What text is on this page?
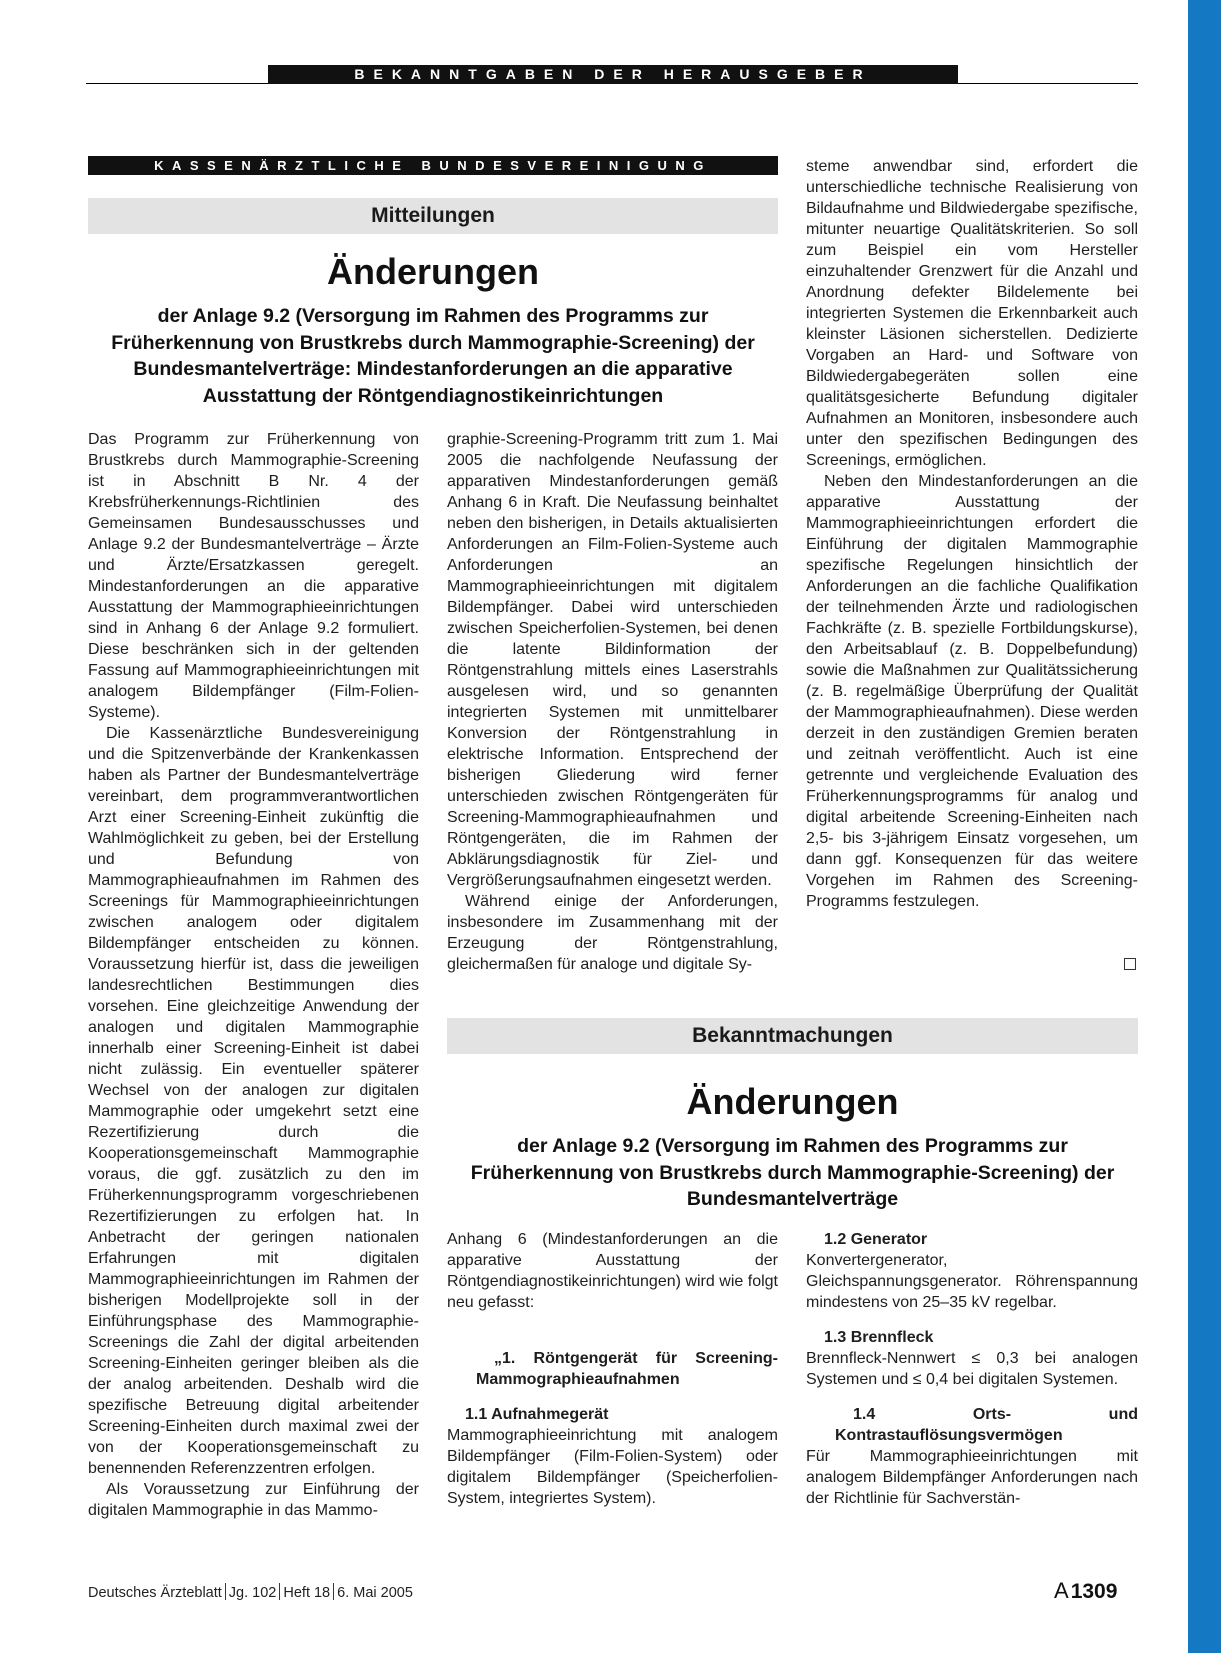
BEKANNTGABEN DER HERAUSGEBER
KASSENÄRZTLICHE BUNDESVEREINIGUNG
Mitteilungen
Änderungen
der Anlage 9.2 (Versorgung im Rahmen des Programms zur Früherkennung von Brustkrebs durch Mammographie-Screening) der Bundesmantelverträge: Mindestanforderungen an die apparative Ausstattung der Röntgendiagnostikeinrichtungen

Das Programm zur Früherkennung von Brustkrebs durch Mammographie-Screening ist in Abschnitt B Nr. 4 der Krebsfrüherkennungs-Richtlinien des Gemeinsamen Bundesausschusses und Anlage 9.2 der Bundesmantelverträge – Ärzte und Ärzte/Ersatzkassen geregelt. Mindestanforderungen an die apparative Ausstattung der Mammographieeinrichtungen sind in Anhang 6 der Anlage 9.2 formuliert. Diese beschränken sich in der geltenden Fassung auf Mammographieeinrichtungen mit analogem Bildempfänger (Film-Folien-Systeme).

Die Kassenärztliche Bundesvereinigung und die Spitzenverbände der Krankenkassen haben als Partner der Bundesmantelverträge vereinbart, dem programmverantwortlichen Arzt einer Screening-Einheit zukünftig die Wahlmöglichkeit zu geben, bei der Erstellung und Befundung von Mammographieaufnahmen im Rahmen des Screenings für Mammographieeinrichtungen zwischen analogem oder digitalem Bildempfänger entscheiden zu können. Voraussetzung hierfür ist, dass die jeweiligen landesrechtlichen Bestimmungen dies vorsehen. Eine gleichzeitige Anwendung der analogen und digitalen Mammographie innerhalb einer Screening-Einheit ist dabei nicht zulässig. Ein eventueller späterer Wechsel von der analogen zur digitalen Mammographie oder umgekehrt setzt eine Rezertifizierung durch die Kooperationsgemeinschaft Mammographie voraus, die ggf. zusätzlich zu den im Früherkennungsprogramm vorgeschriebenen Rezertifizierungen zu erfolgen hat. In Anbetracht der geringen nationalen Erfahrungen mit digitalen Mammographieeinrichtungen im Rahmen der bisherigen Modellprojekte soll in der Einführungsphase des Mammographie-Screenings die Zahl der digital arbeitenden Screening-Einheiten geringer bleiben als die der analog arbeitenden. Deshalb wird die spezifische Betreuung digital arbeitender Screening-Einheiten durch maximal zwei der von der Kooperationsgemeinschaft zu benennenden Referenzzentren erfolgen.

Als Voraussetzung zur Einführung der digitalen Mammographie in das Mammo-

graphie-Screening-Programm tritt zum 1. Mai 2005 die nachfolgende Neufassung der apparativen Mindestanforderungen gemäß Anhang 6 in Kraft. Die Neufassung beinhaltet neben den bisherigen, in Details aktualisierten Anforderungen an Film-Folien-Systeme auch Anforderungen an Mammographieeinrichtungen mit digitalem Bildempfänger. Dabei wird unterschieden zwischen Speicherfolien-Systemen, bei denen die latente Bildinformation der Röntgenstrahlung mittels eines Laserstrahls ausgelesen wird, und so genannten integrierten Systemen mit unmittelbarer Konversion der Röntgenstrahlung in elektrische Information. Entsprechend der bisherigen Gliederung wird ferner unterschieden zwischen Röntgengeräten für Screening-Mammographieaufnahmen und Röntgengeräten, die im Rahmen der Abklärungsdiagnostik für Ziel- und Vergrößerungsaufnahmen eingesetzt werden.

Während einige der Anforderungen, insbesondere im Zusammenhang mit der Erzeugung der Röntgenstrahlung, gleichermaßen für analoge und digitale Sy-

steme anwendbar sind, erfordert die unterschiedliche technische Realisierung von Bildaufnahme und Bildwiedergabe spezifische, mitunter neuartige Qualitätskriterien. So soll zum Beispiel ein vom Hersteller einzuhaltender Grenzwert für die Anzahl und Anordnung defekter Bildelemente bei integrierten Systemen die Erkennbarkeit auch kleinster Läsionen sicherstellen. Dedizierte Vorgaben an Hard- und Software von Bildwiedergabegeräten sollen eine qualitätsgesicherte Befundung digitaler Aufnahmen an Monitoren, insbesondere auch unter den spezifischen Bedingungen des Screenings, ermöglichen.

Neben den Mindestanforderungen an die apparative Ausstattung der Mammographieeinrichtungen erfordert die Einführung der digitalen Mammographie spezifische Regelungen hinsichtlich der Anforderungen an die fachliche Qualifikation der teilnehmenden Ärzte und radiologischen Fachkräfte (z. B. spezielle Fortbildungskurse), den Arbeitsablauf (z. B. Doppelbefundung) sowie die Maßnahmen zur Qualitätssicherung (z. B. regelmäßige Überprüfung der Qualität der Mammographieaufnahmen). Diese werden derzeit in den zuständigen Gremien beraten und zeitnah veröffentlicht. Auch ist eine getrennte und vergleichende Evaluation des Früherkennungsprogramms für analog und digital arbeitende Screening-Einheiten nach 2,5- bis 3-jährigem Einsatz vorgesehen, um dann ggf. Konsequenzen für das weitere Vorgehen im Rahmen des Screening-Programms festzulegen.

Bekanntmachungen
Änderungen
der Anlage 9.2 (Versorgung im Rahmen des Programms zur Früherkennung von Brustkrebs durch Mammographie-Screening) der Bundesmantelverträge

Anhang 6 (Mindestanforderungen an die apparative Ausstattung der Röntgendiagnostikeinrichtungen) wird wie folgt neu gefasst:

„1. Röntgengerät für Screening-Mammographieaufnahmen

1.1 Aufnahmegerät

Mammographieeinrichtung mit analogem Bildempfänger (Film-Folien-System) oder digitalem Bildempfänger (Speicherfolien-System, integriertes System).

1.2 Generator

Konvertergenerator, Gleichspannungsgenerator. Röhrenspannung mindestens von 25–35 kV regelbar.

1.3 Brennfleck

Brennfleck-Nennwert ≤ 0,3 bei analogen Systemen und ≤ 0,4 bei digitalen Systemen.

1.4 Orts- und Kontrastauflösungsvermögen

Für Mammographieeinrichtungen mit analogem Bildempfänger Anforderungen nach der Richtlinie für Sachverstän-

Deutsches Ärzteblatt Jg. 102 Heft 18 6. Mai 2005	A1309
